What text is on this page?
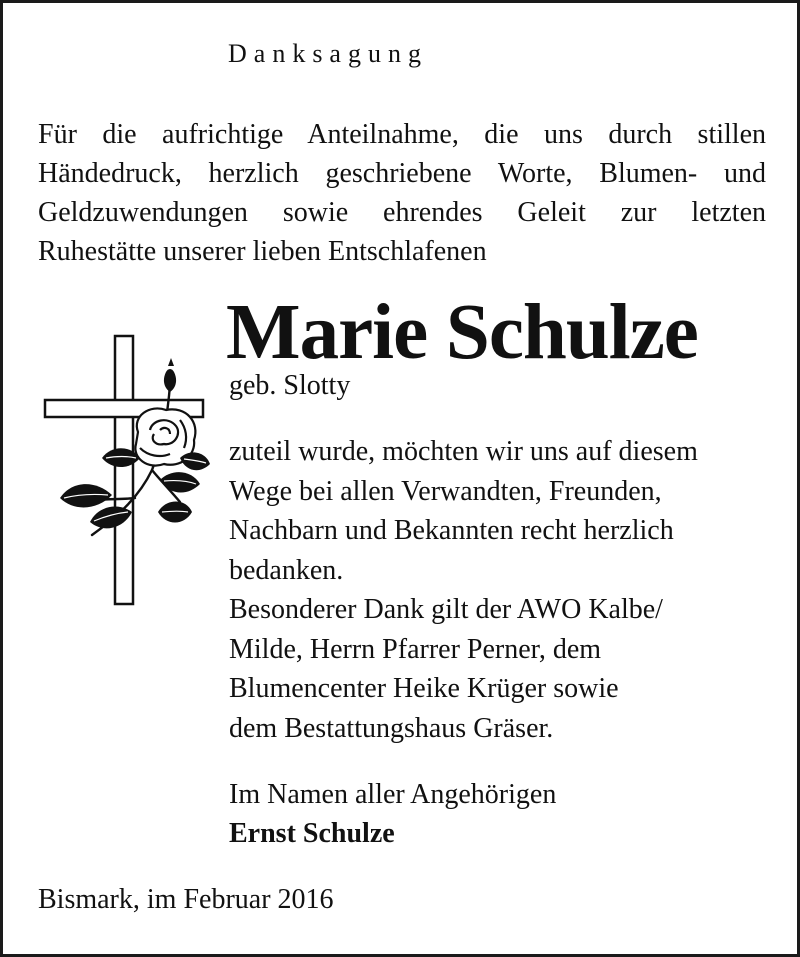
Danksagung
Für die aufrichtige Anteilnahme, die uns durch stillen
Händedruck, herzlich geschriebene Worte, Blumen- und
Geldzuwendungen sowie ehrendes Geleit zur letzten
Ruhestätte unserer lieben Entschlafenen
Marie Schulze
geb. Slotty
zuteil wurde, möchten wir uns auf diesem
Wege bei allen Verwandten, Freunden,
Nachbarn und Bekannten recht herzlich
bedanken.
Besonderer Dank gilt der AWO Kalbe/
Milde, Herrn Pfarrer Perner, dem
Blumencenter Heike Krüger sowie
dem Bestattungshaus Gräser.
Im Namen aller Angehörigen
Ernst Schulze
Bismark, im Februar 2016
